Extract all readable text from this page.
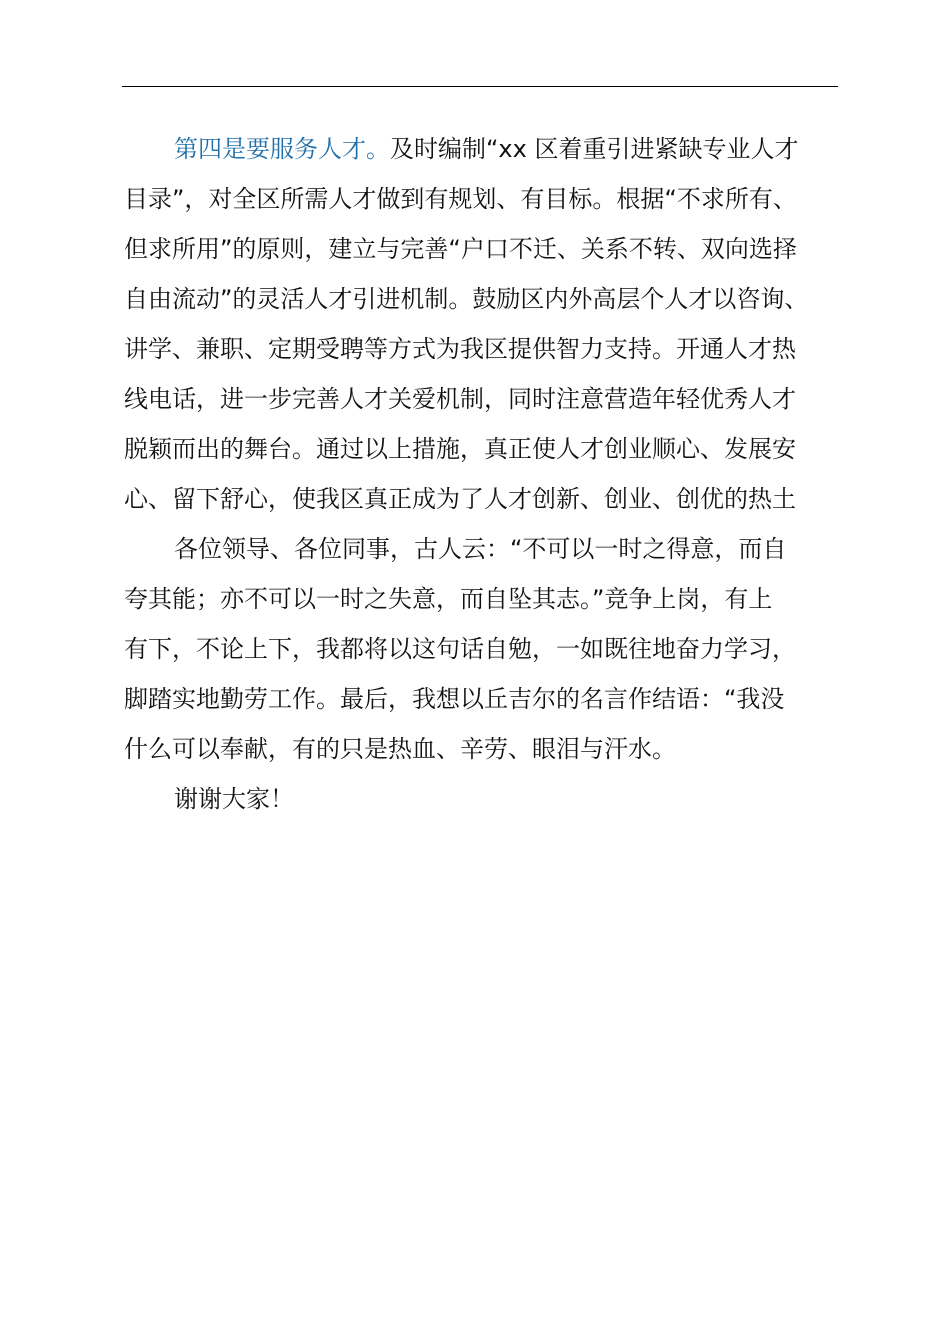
第四是要服务人才。及时编制“xx 区着重引进紧缺专业人才
目录”，对全区所需人才做到有规划、有目标。根据“不求所有、
但求所用”的原则，建立与完善“户口不迁、关系不转、双向选择
自由流动”的灵活人才引进机制。鼓励区内外高层个人才以咨询、
讲学、兼职、定期受聘等方式为我区提供智力支持。开通人才热
线电话，进一步完善人才关爱机制，同时注意营造年轻优秀人才
脱颖而出的舞台。通过以上措施，真正使人才创业顺心、发展安
心、留下舒心，使我区真正成为了人才创新、创业、创优的热土
各位领导、各位同事，古人云：“不可以一时之得意，而自
夸其能；亦不可以一时之失意，而自坠其志。”竞争上岗，有上
有下，不论上下，我都将以这句话自勉，一如既往地奋力学习，
脚踏实地勤劳工作。最后，我想以丘吉尔的名言作结语：“我没
什么可以奉献，有的只是热血、辛劳、眼泪与汗水。
谢谢大家！
